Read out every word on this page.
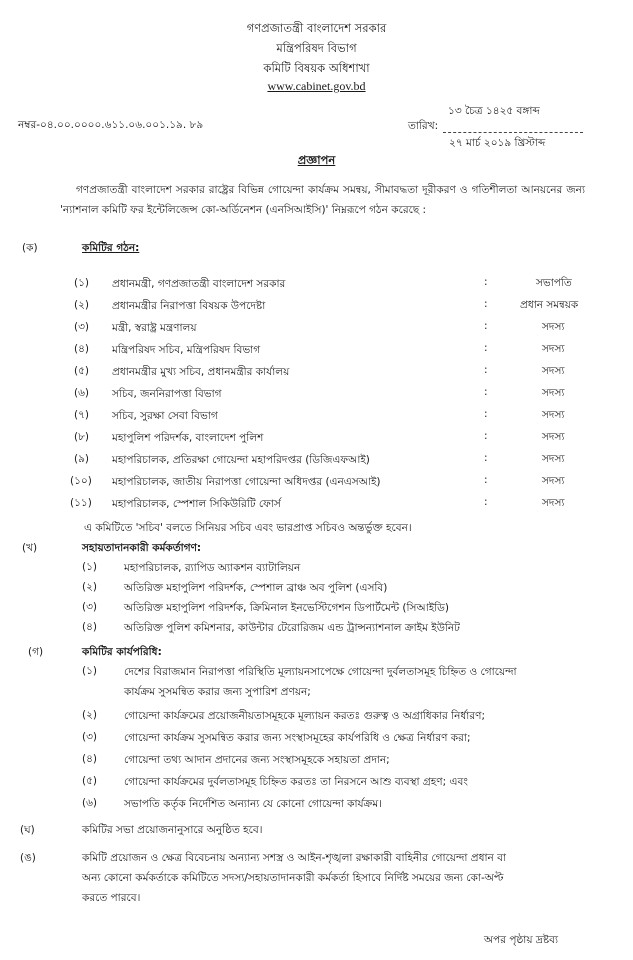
গণপ্রজাতন্ত্রী বাংলাদেশ সরকার
মন্ত্রিপরিষদ বিভাগ
কমিটি বিষয়ক অধিশাখা
www.cabinet.gov.bd
নম্বর-০৪.০০.০০০০.৬১১.০৬.০০১.১৯. ৮৯
১৩ চৈত্র ১৪২৫ বঙ্গাব্দ
তারিখ:
২৭ মার্চ ২০১৯ খ্রিস্টাব্দ
প্রজ্ঞাপন
গণপ্রজাতন্ত্রী বাংলাদেশ সরকার রাষ্ট্রের বিভিন্ন গোয়েন্দা কার্যক্রম সমন্বয়, সীমাবদ্ধতা দূরীকরণ ও গতিশীলতা আনয়নের জন্য 'ন্যাশনাল কমিটি ফর ইন্টেলিজেন্স কো-অর্ডিনেশন (এনসিআইসি)' নিম্নরূপে গঠন করেছে :
(ক)	কমিটির গঠন:
(১) প্রধানমন্ত্রী, গণপ্রজাতন্ত্রী বাংলাদেশ সরকার	:	সভাপতি
(২) প্রধানমন্ত্রীর নিরাপত্তা বিষয়ক উপদেষ্টা	:	প্রধান সমন্বয়ক
(৩) মন্ত্রী, স্বরাষ্ট্র মন্ত্রণালয়	:	সদস্য
(৪) মন্ত্রিপরিষদ সচিব, মন্ত্রিপরিষদ বিভাগ	:	সদস্য
(৫) প্রধানমন্ত্রীর মুখ্য সচিব, প্রধানমন্ত্রীর কার্যালয়	:	সদস্য
(৬) সচিব, জননিরাপত্তা বিভাগ	:	সদস্য
(৭) সচিব, সুরক্ষা সেবা বিভাগ	:	সদস্য
(৮) মহাপুলিশ পরিদর্শক, বাংলাদেশ পুলিশ	:	সদস্য
(৯) মহাপরিচালক, প্রতিরক্ষা গোয়েন্দা মহাপরিদপ্তর (ডিজিএফআই)	:	সদস্য
(১০) মহাপরিচালক, জাতীয় নিরাপত্তা গোয়েন্দা অধিদপ্তর (এনএসআই)	:	সদস্য
(১১) মহাপরিচালক, স্পেশাল সিকিউরিটি ফোর্স	:	সদস্য
এ কমিটিতে 'সচিব' বলতে সিনিয়র সচিব এবং ভারপ্রাপ্ত সচিবও অন্তর্ভুক্ত হবেন।
(খ)	সহায়তাদানকারী কর্মকর্তাগণ:
(১)	মহাপরিচালক, র‍্যাপিড অ্যাকশন ব্যাটালিয়ন
(২)	অতিরিক্ত মহাপুলিশ পরিদর্শক, স্পেশাল ব্রাঞ্চ অব পুলিশ (এসবি)
(৩)	অতিরিক্ত মহাপুলিশ পরিদর্শক, ক্রিমিনাল ইনভেস্টিগেশন ডিপার্টমেন্ট (সিআইডি)
(৪)	অতিরিক্ত পুলিশ কমিশনার, কাউন্টার টেরোরিজম এন্ড ট্রান্সন্যাশনাল ক্রাইম ইউনিট
(গ)	কমিটির কার্যপরিধি:
(১)	দেশের বিরাজমান নিরাপত্তা পরিস্থিতি মূল্যায়নসাপেক্ষে গোয়েন্দা দুর্বলতাসমূহ চিহ্নিত ও গোয়েন্দা
কার্যক্রম সুসমন্বিত করার জন্য সুপারিশ প্রণয়ন;
(২)	গোয়েন্দা কার্যক্রমের প্রয়োজনীয়তাসমূহকে মূল্যায়ন করতঃ গুরুত্ব ও অগ্রাধিকার নির্ধারণ;
(৩)	গোয়েন্দা কার্যক্রম সুসমন্বিত করার জন্য সংস্থাসমূহের কার্যপরিধি ও ক্ষেত্র নির্ধারণ করা;
(৪)	গোয়েন্দা তথ্য আদান প্রদানের জন্য সংস্থাসমূহকে সহায়তা প্রদান;
(৫)	গোয়েন্দা কার্যক্রমের দুর্বলতাসমূহ চিহ্নিত করতঃ তা নিরসনে আশু ব্যবস্থা গ্রহণ; এবং
(৬)	সভাপতি কর্তৃক নির্দেশিত অন্যান্য যে কোনো গোয়েন্দা কার্যক্রম।
(ঘ)	কমিটির সভা প্রয়োজনানুসারে অনুষ্ঠিত হবে।
(ঙ)	কমিটি প্রয়োজন ও ক্ষেত্র বিবেচনায় অন্যান্য সশস্ত্র ও আইন-শৃঙ্খলা রক্ষাকারী বাহিনীর গোয়েন্দা প্রধান বা
অন্য কোনো কর্মকর্তাকে কমিটিতে সদস্য/সহায়তাদানকারী কর্মকর্তা হিসাবে নির্দিষ্ট সময়ের জন্য কো-অপ্ট
করতে পারবে।
অপর পৃষ্ঠায় দ্রষ্টব্য
